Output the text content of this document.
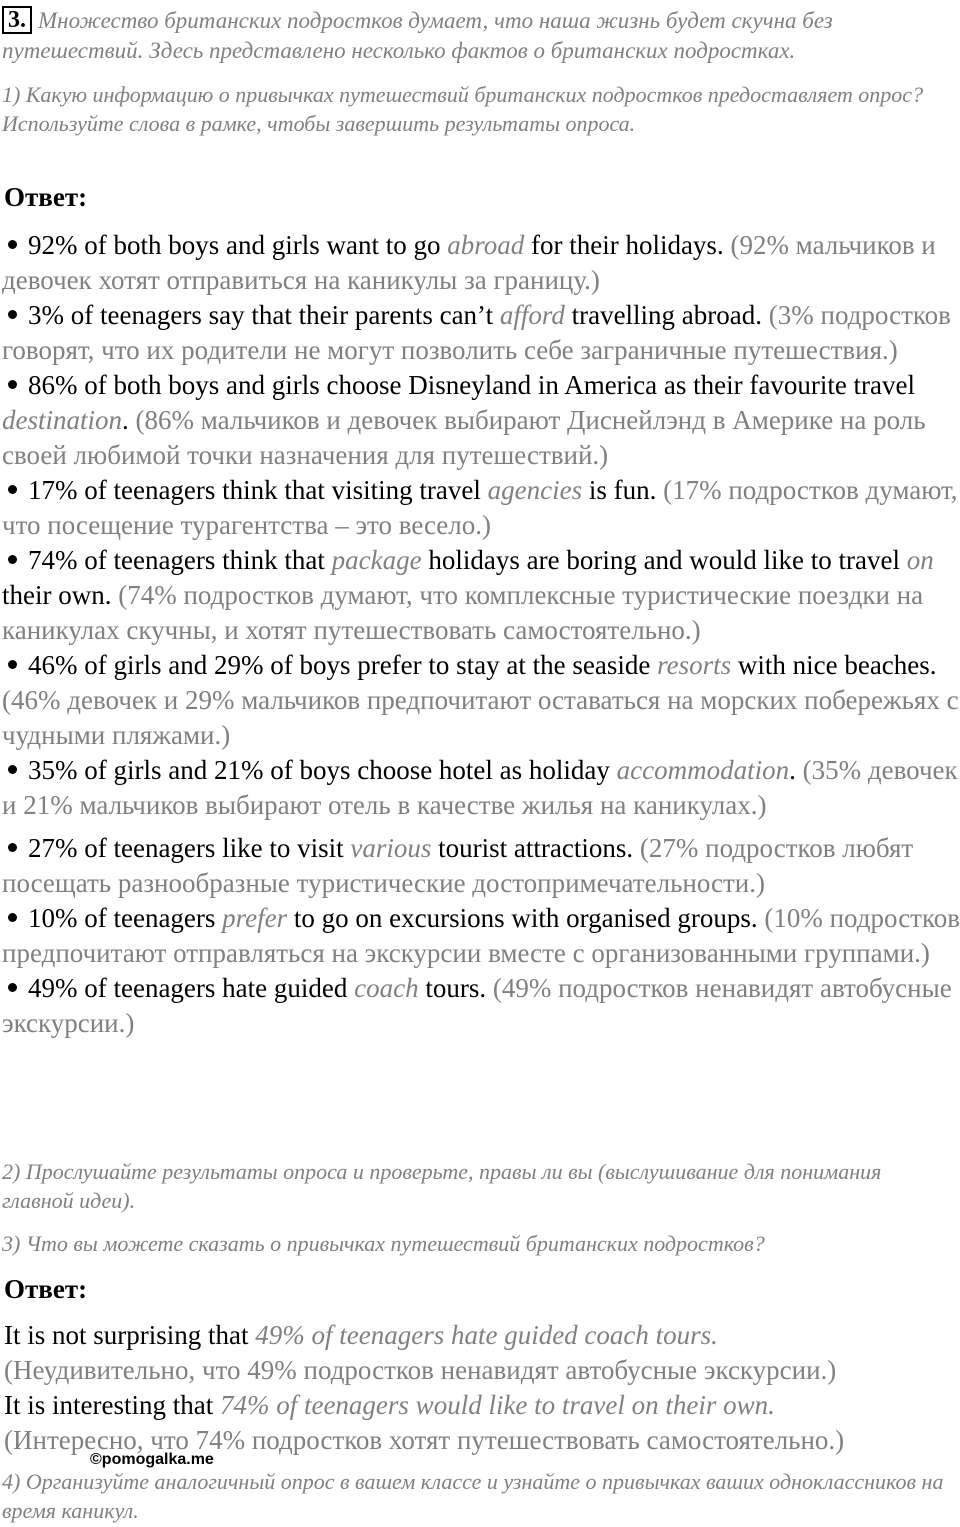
3. Множество британских подростков думает, что наша жизнь будет скучна без путешествий. Здесь представлено несколько фактов о британских подростках.
1) Какую информацию о привычках путешествий британских подростков предоставляет опрос? Используйте слова в рамке, чтобы завершить результаты опроса.
Ответ:
92% of both boys and girls want to go abroad for their holidays. (92% мальчиков и девочек хотят отправиться на каникулы за границу.)
3% of teenagers say that their parents can’t afford travelling abroad. (3% подростков говорят, что их родители не могут позволить себе заграничные путешествия.)
86% of both boys and girls choose Disneyland in America as their favourite travel destination. (86% мальчиков и девочек выбирают Диснейлэнд в Америке на роль своей любимой точки назначения для путешествий.)
17% of teenagers think that visiting travel agencies is fun. (17% подростков думают, что посещение турагентства – это весело.)
74% of teenagers think that package holidays are boring and would like to travel on their own. (74% подростков думают, что комплексные туристические поездки на каникулах скучны, и хотят путешествовать самостоятельно.)
46% of girls and 29% of boys prefer to stay at the seaside resorts with nice beaches. (46% девочек и 29% мальчиков предпочитают оставаться на морских побережьях с чудными пляжами.)
35% of girls and 21% of boys choose hotel as holiday accommodation. (35% девочек и 21% мальчиков выбирают отель в качестве жилья на каникулах.)
27% of teenagers like to visit various tourist attractions. (27% подростков любят посещать разнообразные туристические достопримечательности.)
10% of teenagers prefer to go on excursions with organised groups. (10% подростков предпочитают отправляться на экскурсии вместе с организованными группами.)
49% of teenagers hate guided coach tours. (49% подростков ненавидят автобусные экскурсии.)
2) Прослушайте результаты опроса и проверьте, правы ли вы (выслушивание для понимания главной идеи).
3) Что вы можете сказать о привычках путешествий британских подростков?
Ответ:
It is not surprising that 49% of teenagers hate guided coach tours.
(Неудивительно, что 49% подростков ненавидят автобусные экскурсии.)
It is interesting that 74% of teenagers would like to travel on their own.
(Интересно, что 74% подростков хотят путешествовать самостоятельно.)
©pomogalka.me
4) Организуйте аналогичный опрос в вашем классе и узнайте о привычках ваших одноклассников на время каникул.
